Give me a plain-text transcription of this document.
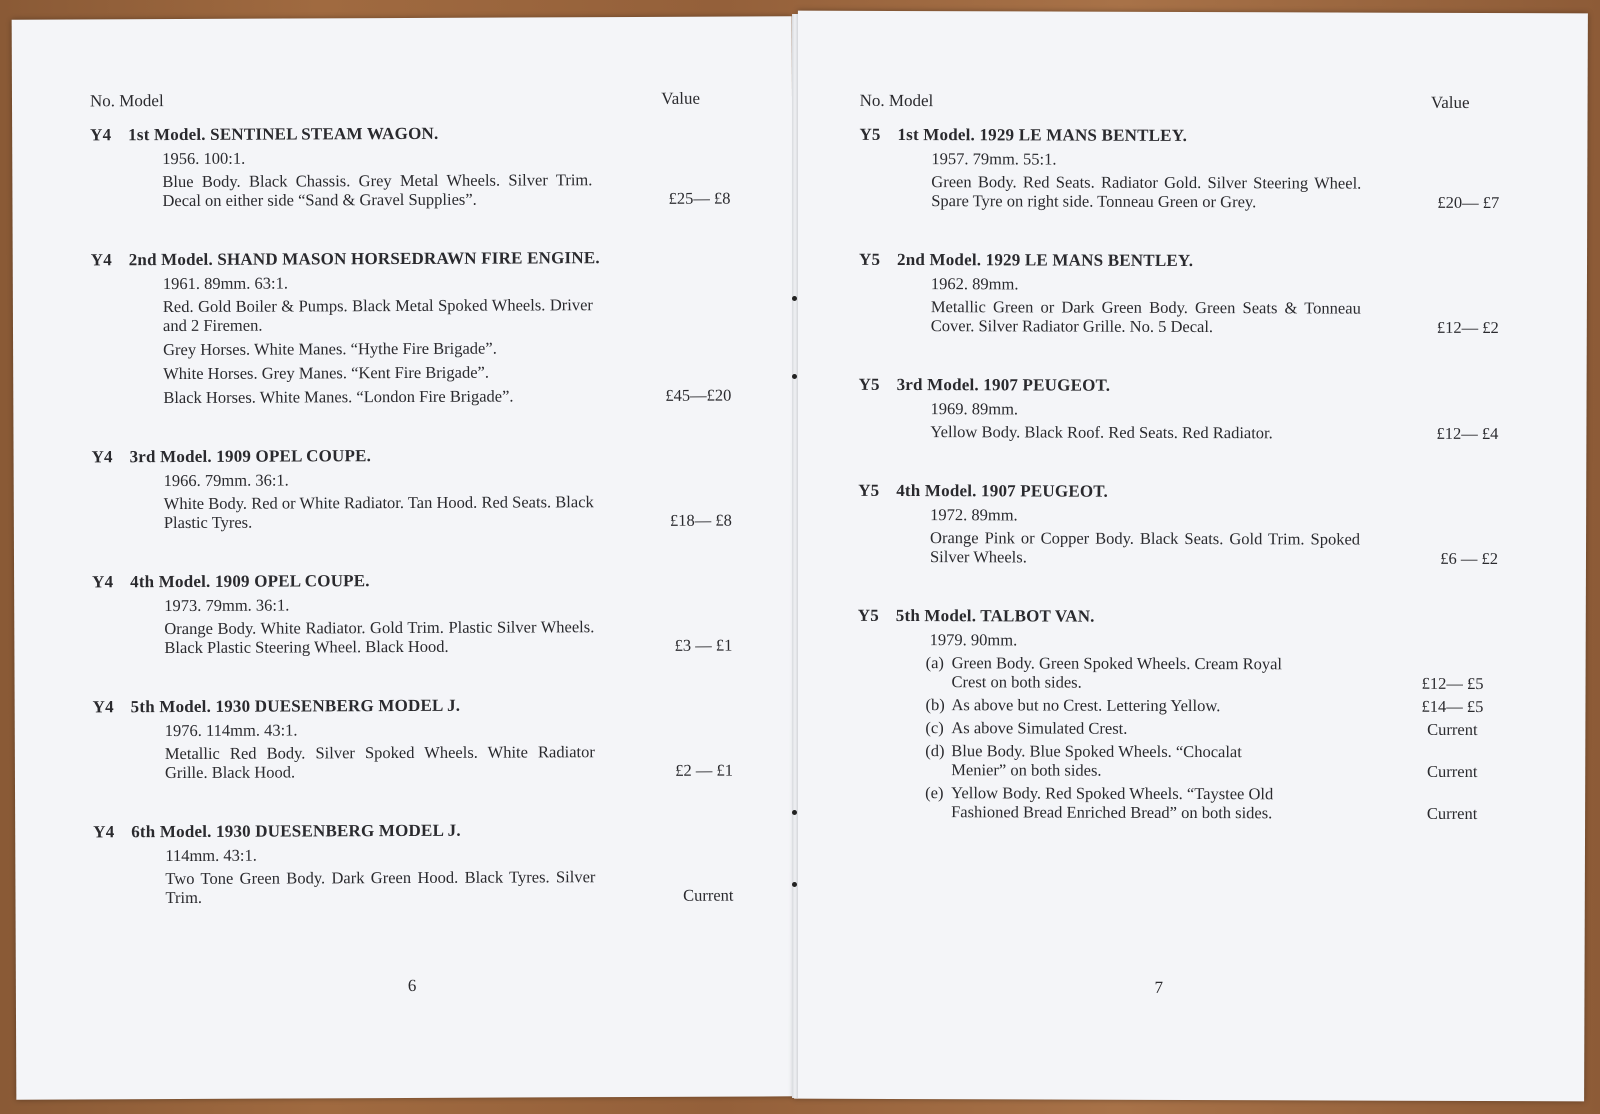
No. Model	Value
Y4 1st Model. SENTINEL STEAM WAGON.
1956. 100:1.
Blue Body. Black Chassis. Grey Metal Wheels. Silver Trim. Decal on either side “Sand & Gravel Supplies”.	£25— £8
Y4 2nd Model. SHAND MASON HORSEDRAWN FIRE ENGINE.
1961. 89mm. 63:1.
Red. Gold Boiler & Pumps. Black Metal Spoked Wheels. Driver and 2 Firemen.
Grey Horses. White Manes. “Hythe Fire Brigade”.
White Horses. Grey Manes. “Kent Fire Brigade”.
Black Horses. White Manes. “London Fire Brigade”.	£45—£20
Y4 3rd Model. 1909 OPEL COUPE.
1966. 79mm. 36:1.
White Body. Red or White Radiator. Tan Hood. Red Seats. Black Plastic Tyres.	£18— £8
Y4 4th Model. 1909 OPEL COUPE.
1973. 79mm. 36:1.
Orange Body. White Radiator. Gold Trim. Plastic Silver Wheels. Black Plastic Steering Wheel. Black Hood.	£3 — £1
Y4 5th Model. 1930 DUESENBERG MODEL J.
1976. 114mm. 43:1.
Metallic Red Body. Silver Spoked Wheels. White Radiator Grille. Black Hood.	£2 — £1
Y4 6th Model. 1930 DUESENBERG MODEL J.
114mm. 43:1.
Two Tone Green Body. Dark Green Hood. Black Tyres. Silver Trim.	Current
6
No. Model	Value
Y5 1st Model. 1929 LE MANS BENTLEY.
1957. 79mm. 55:1.
Green Body. Red Seats. Radiator Gold. Silver Steering Wheel. Spare Tyre on right side. Tonneau Green or Grey.	£20— £7
Y5 2nd Model. 1929 LE MANS BENTLEY.
1962. 89mm.
Metallic Green or Dark Green Body. Green Seats & Tonneau Cover. Silver Radiator Grille. No. 5 Decal.	£12— £2
Y5 3rd Model. 1907 PEUGEOT.
1969. 89mm.
Yellow Body. Black Roof. Red Seats. Red Radiator.	£12— £4
Y5 4th Model. 1907 PEUGEOT.
1972. 89mm.
Orange Pink or Copper Body. Black Seats. Gold Trim. Spoked Silver Wheels.	£6 — £2
Y5 5th Model. TALBOT VAN.
1979. 90mm.
(a) Green Body. Green Spoked Wheels. Cream Royal
Crest on both sides.	£12— £5
(b) As above but no Crest. Lettering Yellow.	£14— £5
(c) As above Simulated Crest.	Current
(d) Blue Body. Blue Spoked Wheels. “Chocalat
Menier” on both sides.	Current
(e) Yellow Body. Red Spoked Wheels. “Taystee Old
Fashioned Bread Enriched Bread” on both sides.	Current
7
